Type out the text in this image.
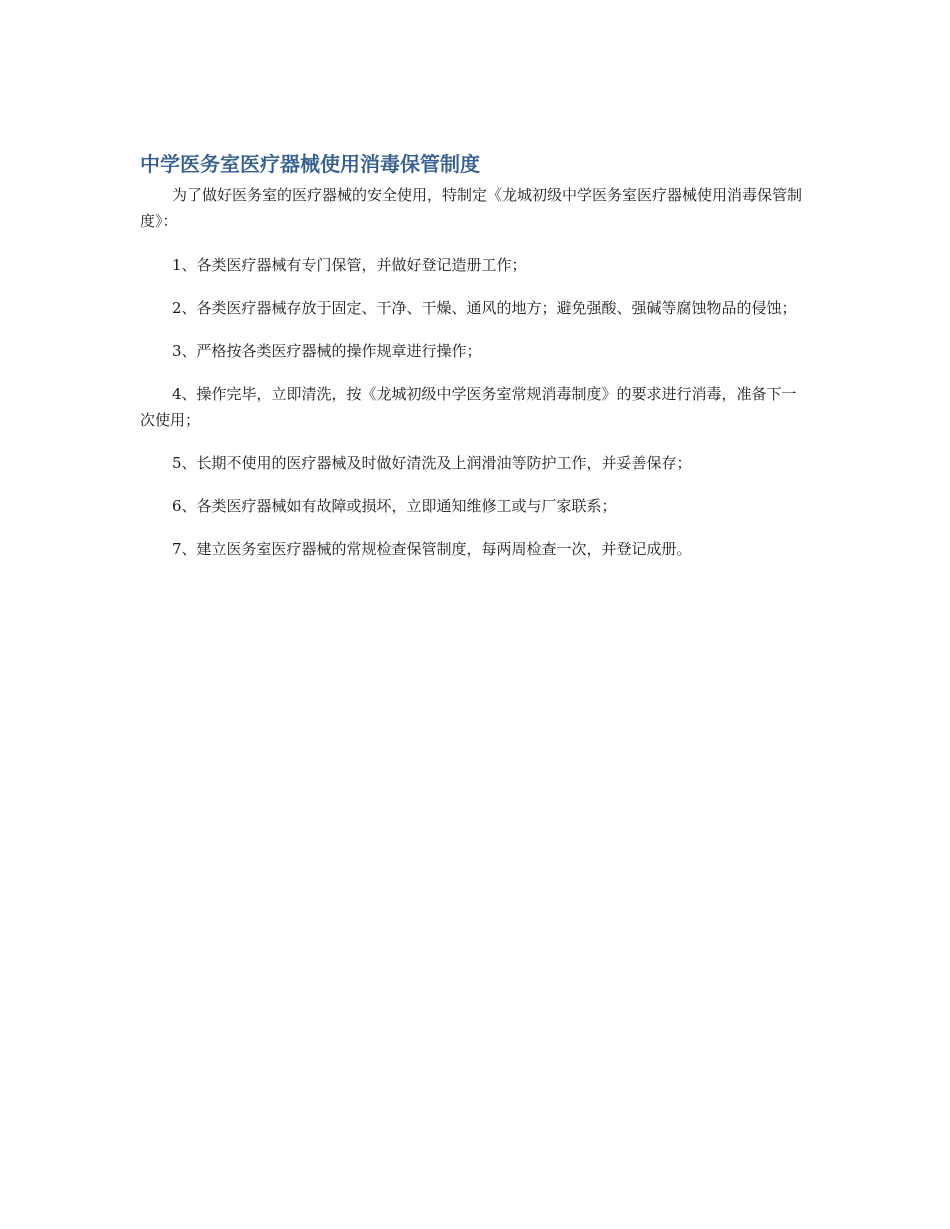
中学医务室医疗器械使用消毒保管制度

为了做好医务室的医疗器械的安全使用，特制定《龙城初级中学医务室医疗器械使用消毒保管制度》：

1、各类医疗器械有专门保管，并做好登记造册工作；

2、各类医疗器械存放于固定、干净、干燥、通风的地方；避免强酸、强碱等腐蚀物品的侵蚀；

3、严格按各类医疗器械的操作规章进行操作；

4、操作完毕，立即清洗，按《龙城初级中学医务室常规消毒制度》的要求进行消毒，准备下一次使用；

5、长期不使用的医疗器械及时做好清洗及上润滑油等防护工作，并妥善保存；

6、各类医疗器械如有故障或损坏，立即通知维修工或与厂家联系；

7、建立医务室医疗器械的常规检查保管制度，每两周检查一次，并登记成册。
